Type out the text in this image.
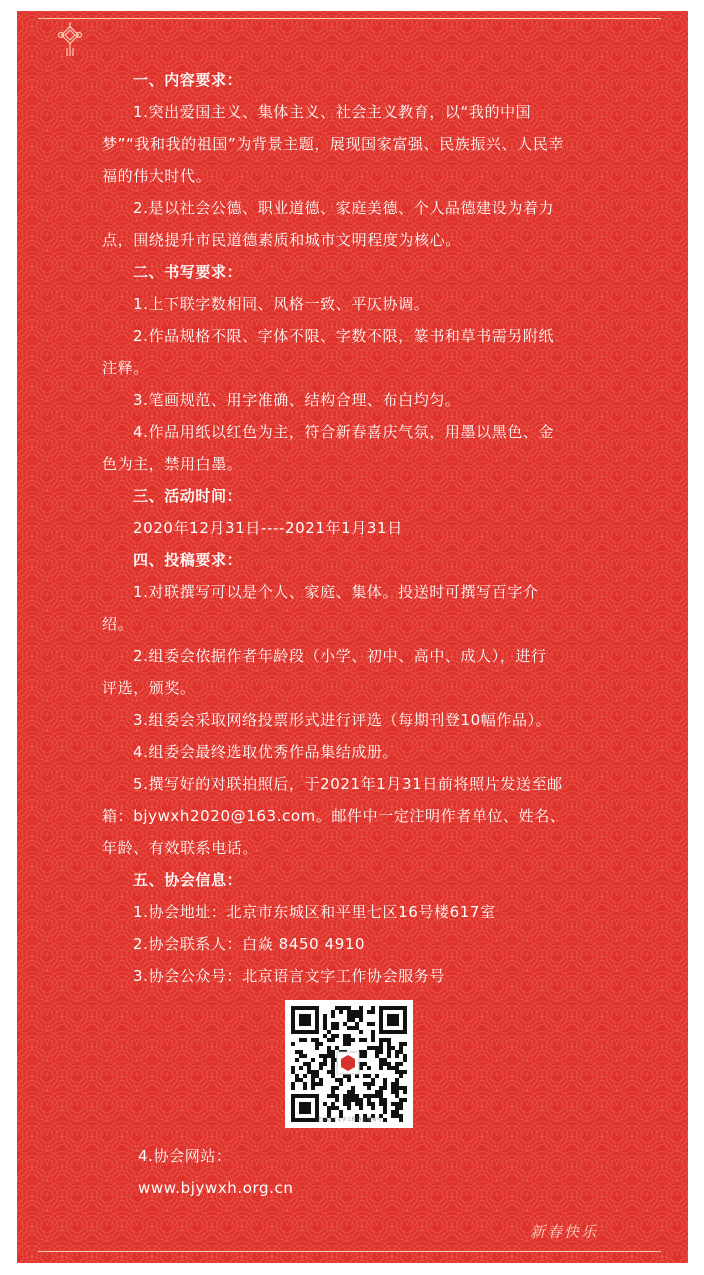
新春快乐
一、内容要求：
1.突出爱国主义、集体主义、社会主义教育，以“我的中国
梦”“我和我的祖国”为背景主题，展现国家富强、民族振兴、人民幸
福的伟大时代。
2.是以社会公德、职业道德、家庭美德、个人品德建设为着力
点，围绕提升市民道德素质和城市文明程度为核心。
二、书写要求：
1.上下联字数相同、风格一致、平仄协调。
2.作品规格不限、字体不限、字数不限，篆书和草书需另附纸
注释。
3.笔画规范、用字准确、结构合理、布白均匀。
4.作品用纸以红色为主，符合新春喜庆气氛，用墨以黑色、金
色为主，禁用白墨。
三、活动时间：
2020年12月31日----2021年1月31日
四、投稿要求：
1.对联撰写可以是个人、家庭、集体。投送时可撰写百字介
绍。
2.组委会依据作者年龄段（小学、初中、高中、成人），进行
评选，颁奖。
3.组委会采取网络投票形式进行评选（每期刊登10幅作品）。
4.组委会最终选取优秀作品集结成册。
5.撰写好的对联拍照后，于2021年1月31日前将照片发送至邮
箱：bjywxh2020@163.com。邮件中一定注明作者单位、姓名、
年龄、有效联系电话。
五、协会信息：
1.协会地址：北京市东城区和平里七区16号楼617室
2.协会联系人：白焱 8450 4910
3.协会公众号：北京语言文字工作协会服务号
北京语言文字工作协会服务号
4.协会网站：
www.bjywxh.org.cn
